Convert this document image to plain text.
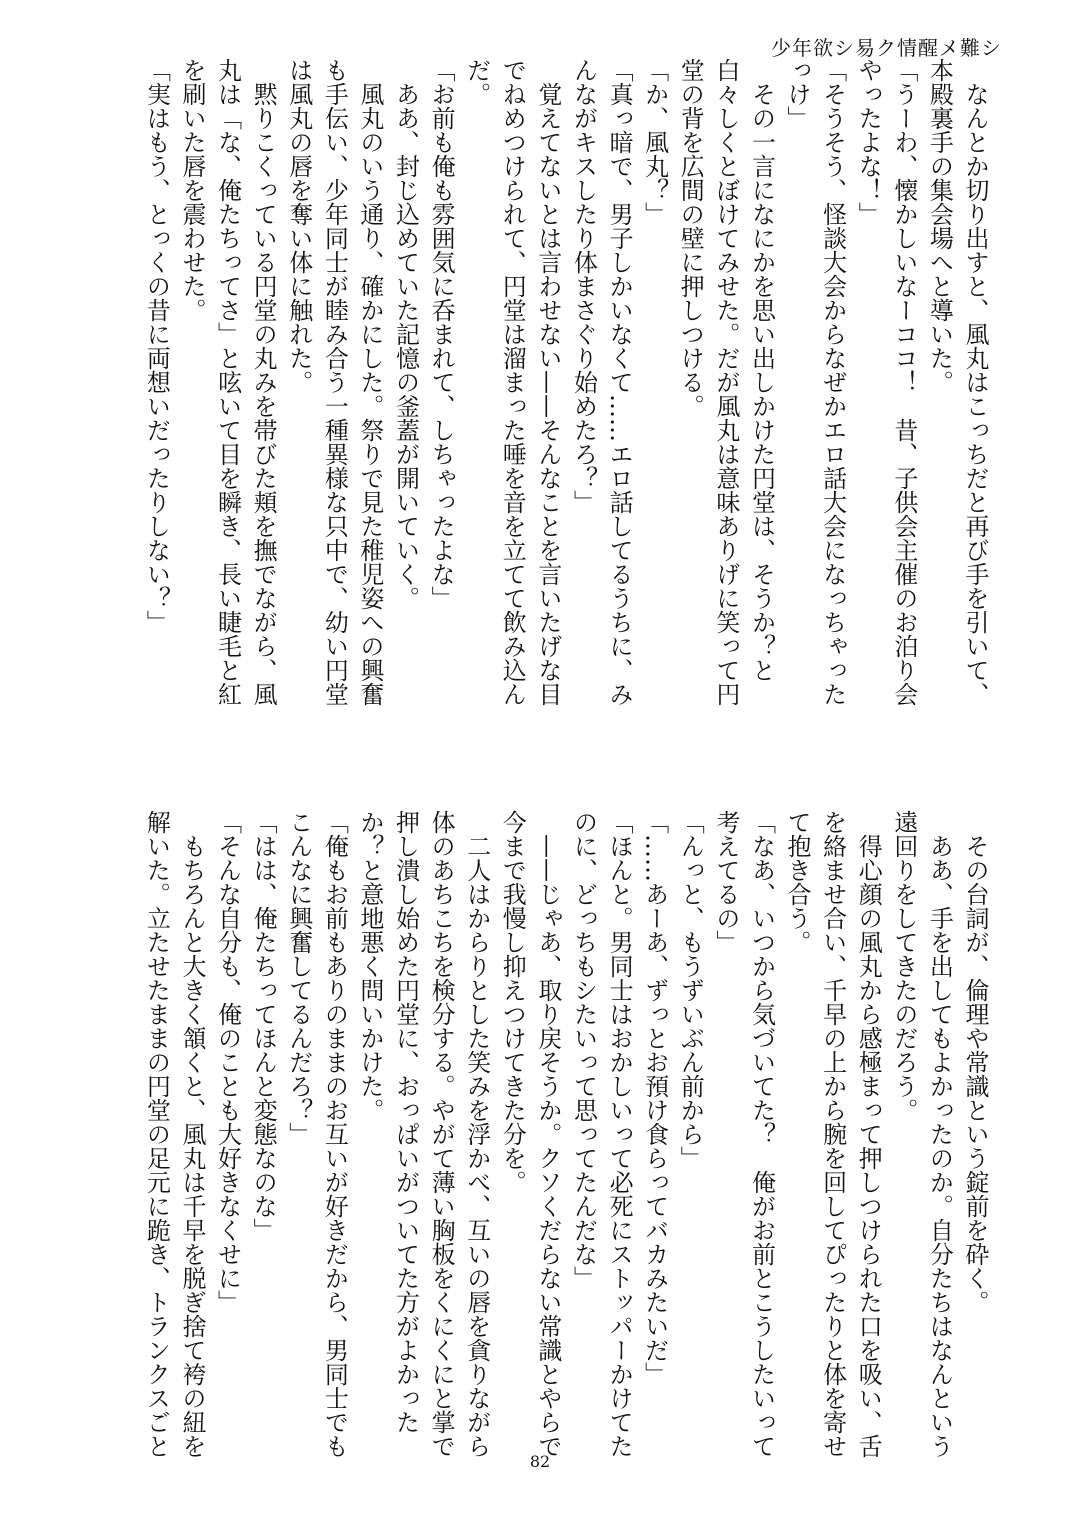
少年欲シ易ク情醒メ難シ
　なんとか切り出すと、風丸はこっちだと再び手を引いて、
本殿裏手の集会場へと導いた。
「うーわ、懐かしいなーココ！　昔、子供会主催のお泊り会
やったよな！」
「そうそう、怪談大会からなぜかエロ話大会になっちゃった
っけ」
　その一言になにかを思い出しかけた円堂は、そうか？と
白々しくとぼけてみせた。だが風丸は意味ありげに笑って円
堂の背を広間の壁に押しつける。
「か、風丸？」
「真っ暗で、男子しかいなくて……エロ話してるうちに、み
んながキスしたり体まさぐり始めたろ？」
　覚えてないとは言わせない——そんなことを言いたげな目
でねめつけられて、円堂は溜まった唾を音を立てて飲み込ん
だ。
「お前も俺も雰囲気に呑まれて、しちゃったよな」
　ああ、封じ込めていた記憶の釜蓋が開いていく。
　風丸のいう通り、確かにした。祭りで見た稚児姿への興奮
も手伝い、少年同士が睦み合う一種異様な只中で、幼い円堂
は風丸の唇を奪い体に触れた。
　黙りこくっている円堂の丸みを帯びた頬を撫でながら、風
丸は「な、俺たちってさ」と呟いて目を瞬き、長い睫毛と紅
を刷いた唇を震わせた。
「実はもう、とっくの昔に両想いだったりしない？」
　その台詞が、倫理や常識という錠前を砕く。
　ああ、手を出してもよかったのか。自分たちはなんという
遠回りをしてきたのだろう。
　得心顔の風丸から感極まって押しつけられた口を吸い、舌
を絡ませ合い、千早の上から腕を回してぴったりと体を寄せ
て抱き合う。
「なあ、いつから気づいてた？　俺がお前とこうしたいって
考えてるの」
「んっと、もうずいぶん前から」
「……あーあ、ずっとお預け食らってバカみたいだ」
「ほんと。男同士はおかしいって必死にストッパーかけてた
のに、どっちもシたいって思ってたんだな」
　——じゃあ、取り戻そうか。クソくだらない常識とやらで
今まで我慢し抑えつけてきた分を。
　二人はからりとした笑みを浮かべ、互いの唇を貪りながら
体のあちこちを検分する。やがて薄い胸板をくにくにと掌で
押し潰し始めた円堂に、おっぱいがついてた方がよかった
か？と意地悪く問いかけた。
「俺もお前もありのままのお互いが好きだから、男同士でも
こんなに興奮してるんだろ？」
「はは、俺たちってほんと変態なのな」
「そんな自分も、俺のことも大好きなくせに」
　もちろんと大きく頷くと、風丸は千早を脱ぎ捨て袴の紐を
解いた。立たせたままの円堂の足元に跪き、トランクスごと
82
